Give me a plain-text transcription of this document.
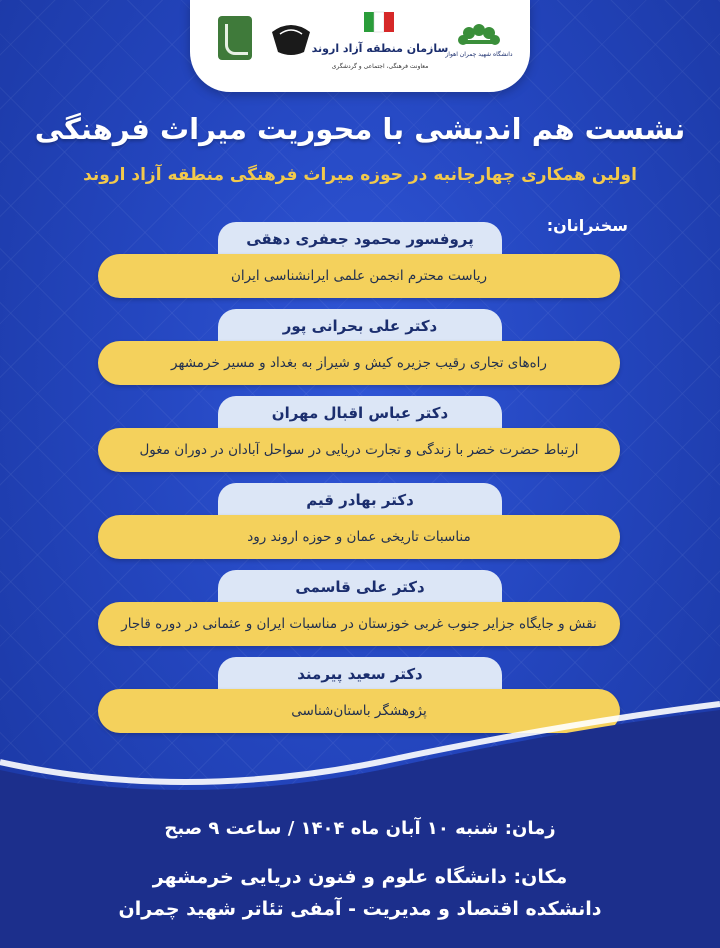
سازمان منطقه آزاد اروند
معاونت فرهنگی، اجتماعی و گردشگری
دانشگاه شهید چمران اهواز
نشست هم اندیشی با محوریت میراث فرهنگی
اولین همکاری چهارجانبه در حوزه میراث فرهنگی منطقه آزاد اروند
سخنرانان:
پروفسور محمود جعفری دهقی
ریاست محترم انجمن علمی ایرانشناسی ایران
دکتر علی بحرانی پور
راه‌های تجاری رقیب جزیره کیش و شیراز به بغداد و مسیر خرمشهر
دکتر عباس اقبال مهران
ارتباط حضرت خضر با زندگی و تجارت دریایی در سواحل آبادان در دوران مغول
دکتر بهادر قیم
مناسبات تاریخی عمان و حوزه اروند رود
دکتر علی قاسمی
نقش و جایگاه جزایر جنوب غربی خوزستان در مناسبات ایران و عثمانی در دوره قاجار
دکتر سعید پیرمند
پژوهشگر باستان‌شناسی
زمان: شنبه ۱۰ آبان ماه ۱۴۰۴ / ساعت ۹ صبح
مکان: دانشگاه علوم و فنون دریایی خرمشهر
دانشکده اقتصاد و مدیریت - آمفی تئاتر شهید چمران
